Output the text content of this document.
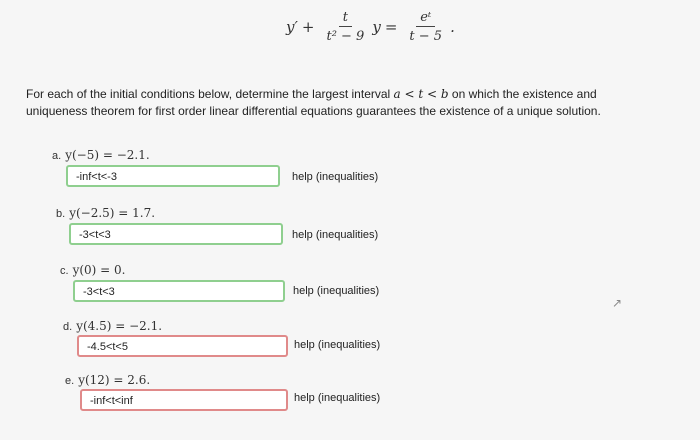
y ′ + $\frac{t}{\text{t² − 9}}$ $y = \frac{\text{eᵗ}}{t - 5}$ .
For each of the initial conditions below, determine the largest interval a < t < b on which the existence and uniqueness theorem for first order linear differential equations guarantees the existence of a unique solution.
a. y(−5) = −2.1.
-inf<t<-3	help (inequalities)
b. y(−2.5) = 1.7.
-3<t<3	help (inequalities)
c. y(0) = 0.
-3<t<3	help (inequalities)
d. y(4.5) = −2.1.
-4.5<t<5	help (inequalities)
e. y(12) = 2.6.
-inf<t<inf	help (inequalities)
↗
